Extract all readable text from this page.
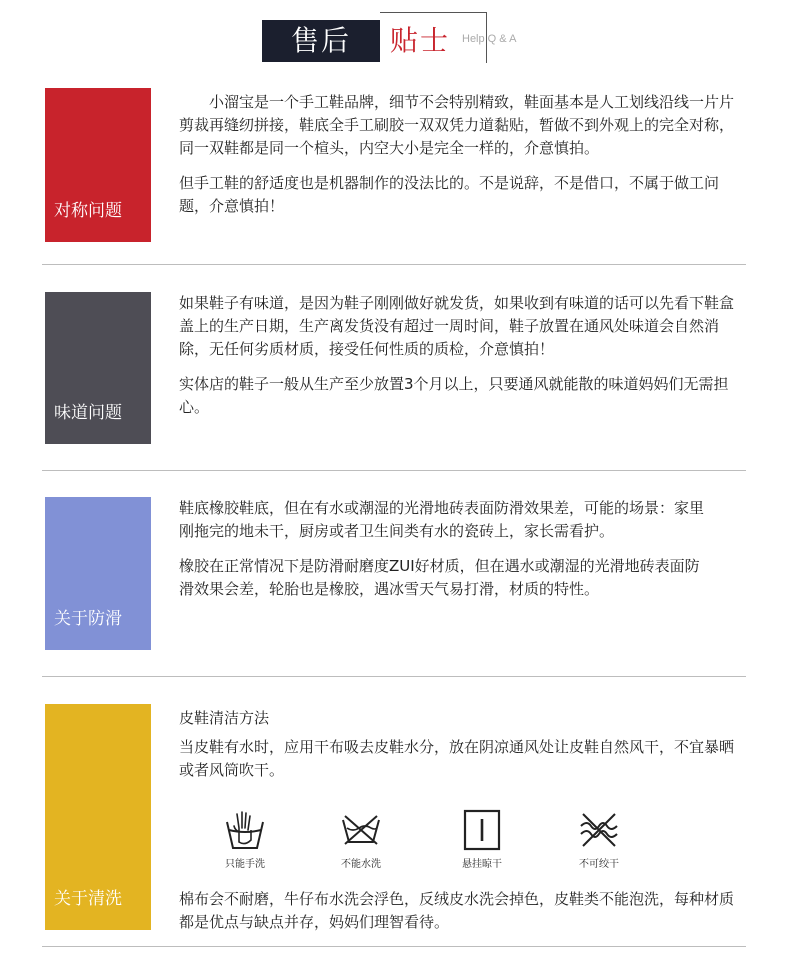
售后	贴士 Help Q & A
对称问题

小溜宝是一个手工鞋品牌，细节不会特别精致，鞋面基本是人工划线沿线一片片剪裁再缝纫拼接，鞋底全手工刷胶一双双凭力道黏贴，暂做不到外观上的完全对称，同一双鞋都是同一个楦头，内空大小是完全一样的，介意慎拍。

但手工鞋的舒适度也是机器制作的没法比的。不是说辞，不是借口，不属于做工问题，介意慎拍！

味道问题

如果鞋子有味道，是因为鞋子刚刚做好就发货，如果收到有味道的话可以先看下鞋盒盖上的生产日期，生产离发货没有超过一周时间，鞋子放置在通风处味道会自然消除，无任何劣质材质，接受任何性质的质检，介意慎拍！

实体店的鞋子一般从生产至少放置3个月以上，只要通风就能散的味道妈妈们无需担心。

关于防滑

鞋底橡胶鞋底，但在有水或潮湿的光滑地砖表面防滑效果差，可能的场景：家里刚拖完的地未干，厨房或者卫生间类有水的瓷砖上，家长需看护。

橡胶在正常情况下是防滑耐磨度ZUI好材质，但在遇水或潮湿的光滑地砖表面防滑效果会差，轮胎也是橡胶，遇冰雪天气易打滑，材质的特性。

关于清洗

皮鞋清洁方法

当皮鞋有水时，应用干布吸去皮鞋水分，放在阴凉通风处让皮鞋自然风干，不宜暴晒或者风筒吹干。

只能手洗	不能水洗	悬挂晾干	不可绞干

棉布会不耐磨，牛仔布水洗会浮色，反绒皮水洗会掉色，皮鞋类不能泡洗，每种材质都是优点与缺点并存，妈妈们理智看待。
